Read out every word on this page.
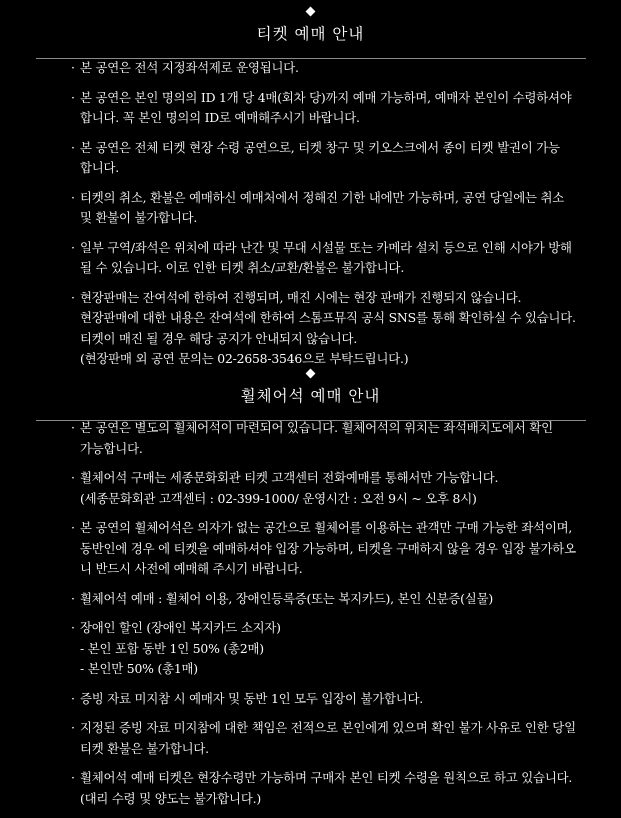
티켓 예매 안내
· 본 공연은 전석 지정좌석제로 운영됩니다.
· 본 공연은 본인 명의의 ID 1개 당 4매(회차 당)까지 예매 가능하며, 예매자 본인이 수령하셔야
합니다. 꼭 본인 명의의 ID로 예매해주시기 바랍니다.
· 본 공연은 전체 티켓 현장 수령 공연으로, 티켓 창구 및 키오스크에서 종이 티켓 발권이 가능
합니다.
· 티켓의 취소, 환불은 예매하신 예매처에서 정해진 기한 내에만 가능하며, 공연 당일에는 취소
및 환불이 불가합니다.
· 일부 구역/좌석은 위치에 따라 난간 및 무대 시설물 또는 카메라 설치 등으로 인해 시야가 방해
될 수 있습니다. 이로 인한 티켓 취소/교환/환불은 불가합니다.
· 현장판매는 잔여석에 한하여 진행되며, 매진 시에는 현장 판매가 진행되지 않습니다.
현장판매에 대한 내용은 잔여석에 한하여 스톰프뮤직 공식 SNS를 통해 확인하실 수 있습니다.
티켓이 매진 될 경우 해당 공지가 안내되지 않습니다.
(현장판매 외 공연 문의는 02-2658-3546으로 부탁드립니다.)
휠체어석 예매 안내
· 본 공연은 별도의 휠체어석이 마련되어 있습니다. 휠체어석의 위치는 좌석배치도에서 확인
가능합니다.
· 휠체어석 구매는 세종문화회관 티켓 고객센터 전화예매를 통해서만 가능합니다.
(세종문화회관 고객센터 : 02-399-1000/ 운영시간 : 오전 9시 ~ 오후 8시)
· 본 공연의 휠체어석은 의자가 없는 공간으로 휠체어를 이용하는 관객만 구매 가능한 좌석이며,
동반인에 경우 에 티켓을 예매하셔야 입장 가능하며, 티켓을 구매하지 않을 경우 입장 불가하오
니 반드시 사전에 예매해 주시기 바랍니다.
· 휠체어석 예매 : 휠체어 이용, 장애인등록증(또는 복지카드), 본인 신분증(실물)
· 장애인 할인 (장애인 복지카드 소지자)
- 본인 포함 동반 1인 50% (총2매)
- 본인만 50% (총1매)
· 증빙 자료 미지참 시 예매자 및 동반 1인 모두 입장이 불가합니다.
· 지정된 증빙 자료 미지참에 대한 책임은 전적으로 본인에게 있으며 확인 불가 사유로 인한 당일
티켓 환불은 불가합니다.
· 휠체어석 예매 티켓은 현장수령만 가능하며 구매자 본인 티켓 수령을 원칙으로 하고 있습니다.
(대리 수령 및 양도는 불가합니다.)
